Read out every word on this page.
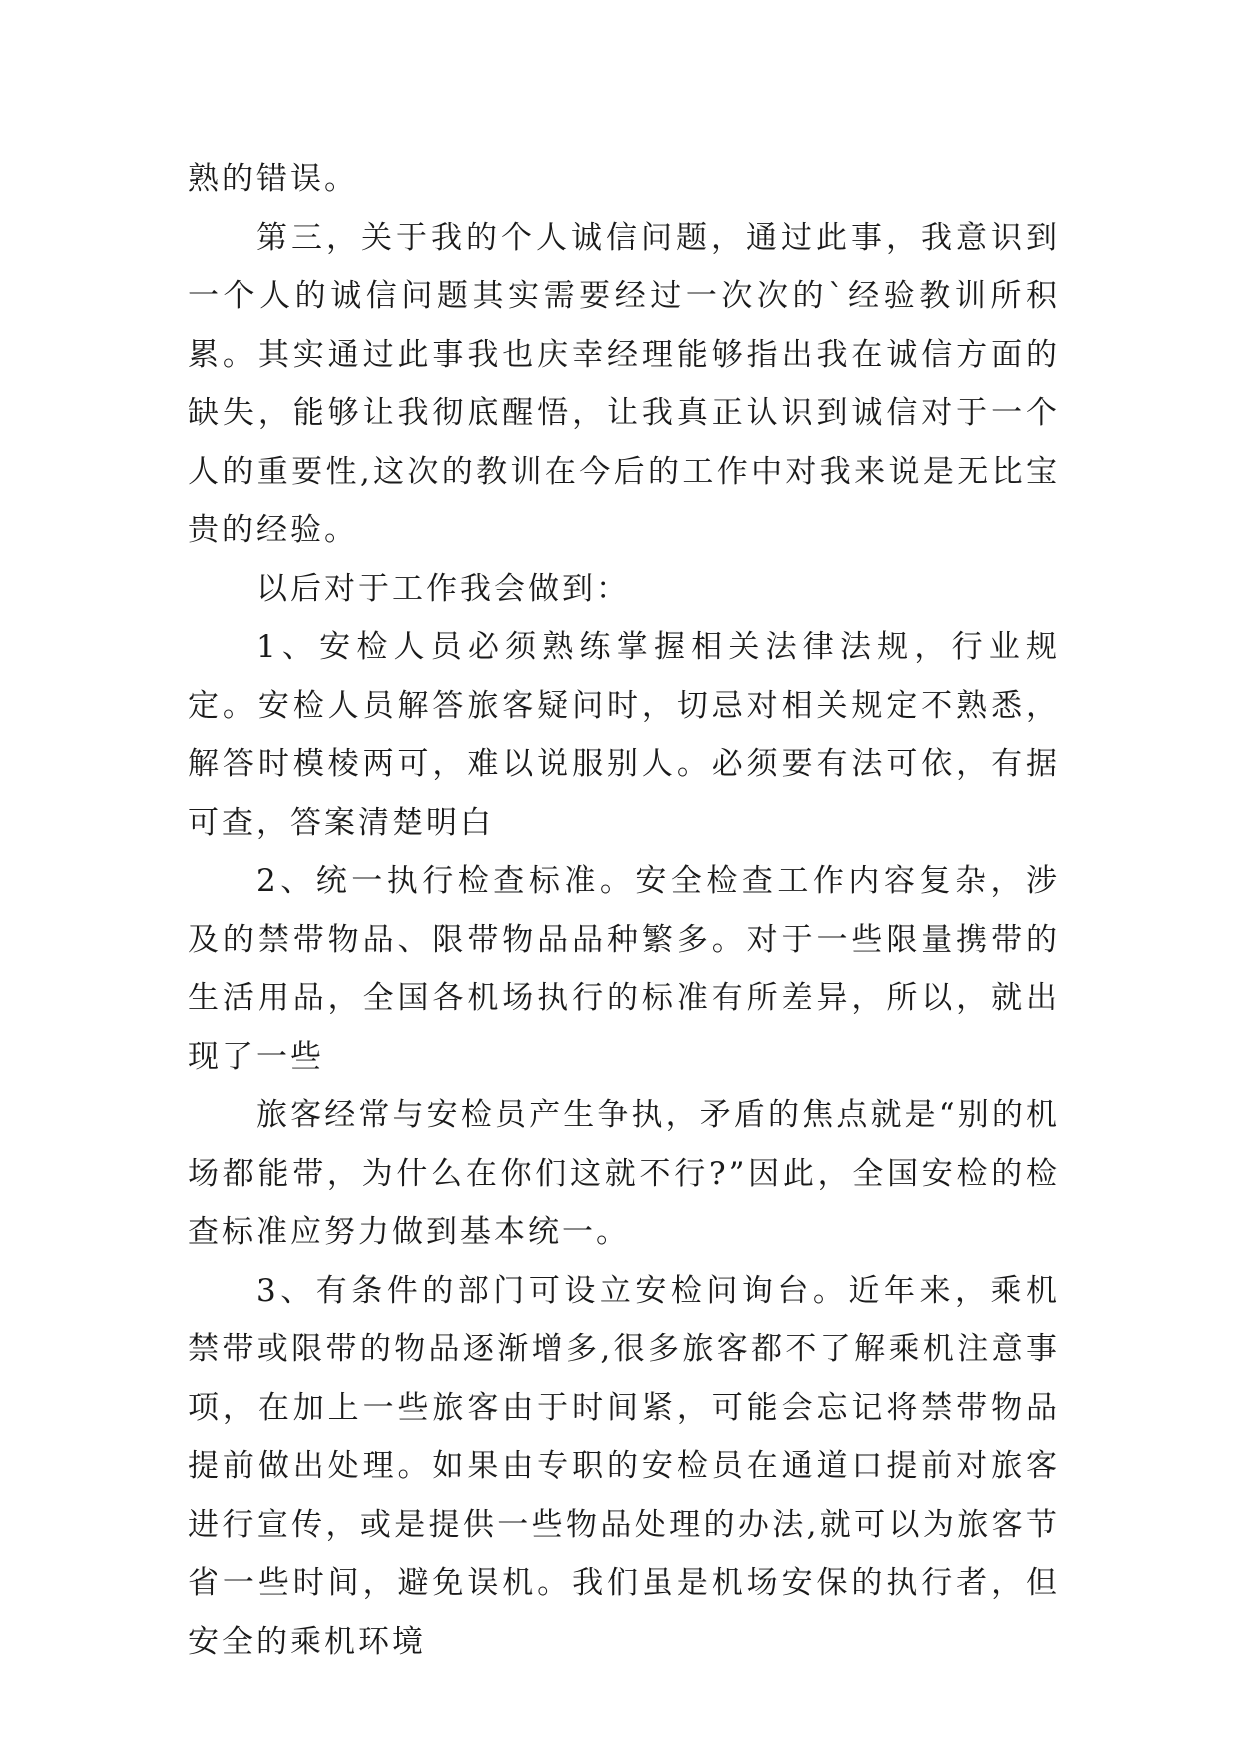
熟的错误。

第三，关于我的个人诚信问题，通过此事，我意识到一个人的诚信问题其实需要经过一次次的`经验教训所积累。其实通过此事我也庆幸经理能够指出我在诚信方面的缺失，能够让我彻底醒悟，让我真正认识到诚信对于一个人的重要性,这次的教训在今后的工作中对我来说是无比宝贵的经验。

以后对于工作我会做到：

1、安检人员必须熟练掌握相关法律法规，行业规定。安检人员解答旅客疑问时，切忌对相关规定不熟悉，解答时模棱两可，难以说服别人。必须要有法可依，有据可查，答案清楚明白

2、统一执行检查标准。安全检查工作内容复杂，涉及的禁带物品、限带物品品种繁多。对于一些限量携带的生活用品，全国各机场执行的标准有所差异，所以，就出现了一些

旅客经常与安检员产生争执，矛盾的焦点就是“别的机场都能带，为什么在你们这就不行?”因此，全国安检的检查标准应努力做到基本统一。

3、有条件的部门可设立安检问询台。近年来，乘机禁带或限带的物品逐渐增多,很多旅客都不了解乘机注意事项，在加上一些旅客由于时间紧，可能会忘记将禁带物品提前做出处理。如果由专职的安检员在通道口提前对旅客进行宣传，或是提供一些物品处理的办法,就可以为旅客节省一些时间，避免误机。我们虽是机场安保的执行者，但安全的乘机环境
